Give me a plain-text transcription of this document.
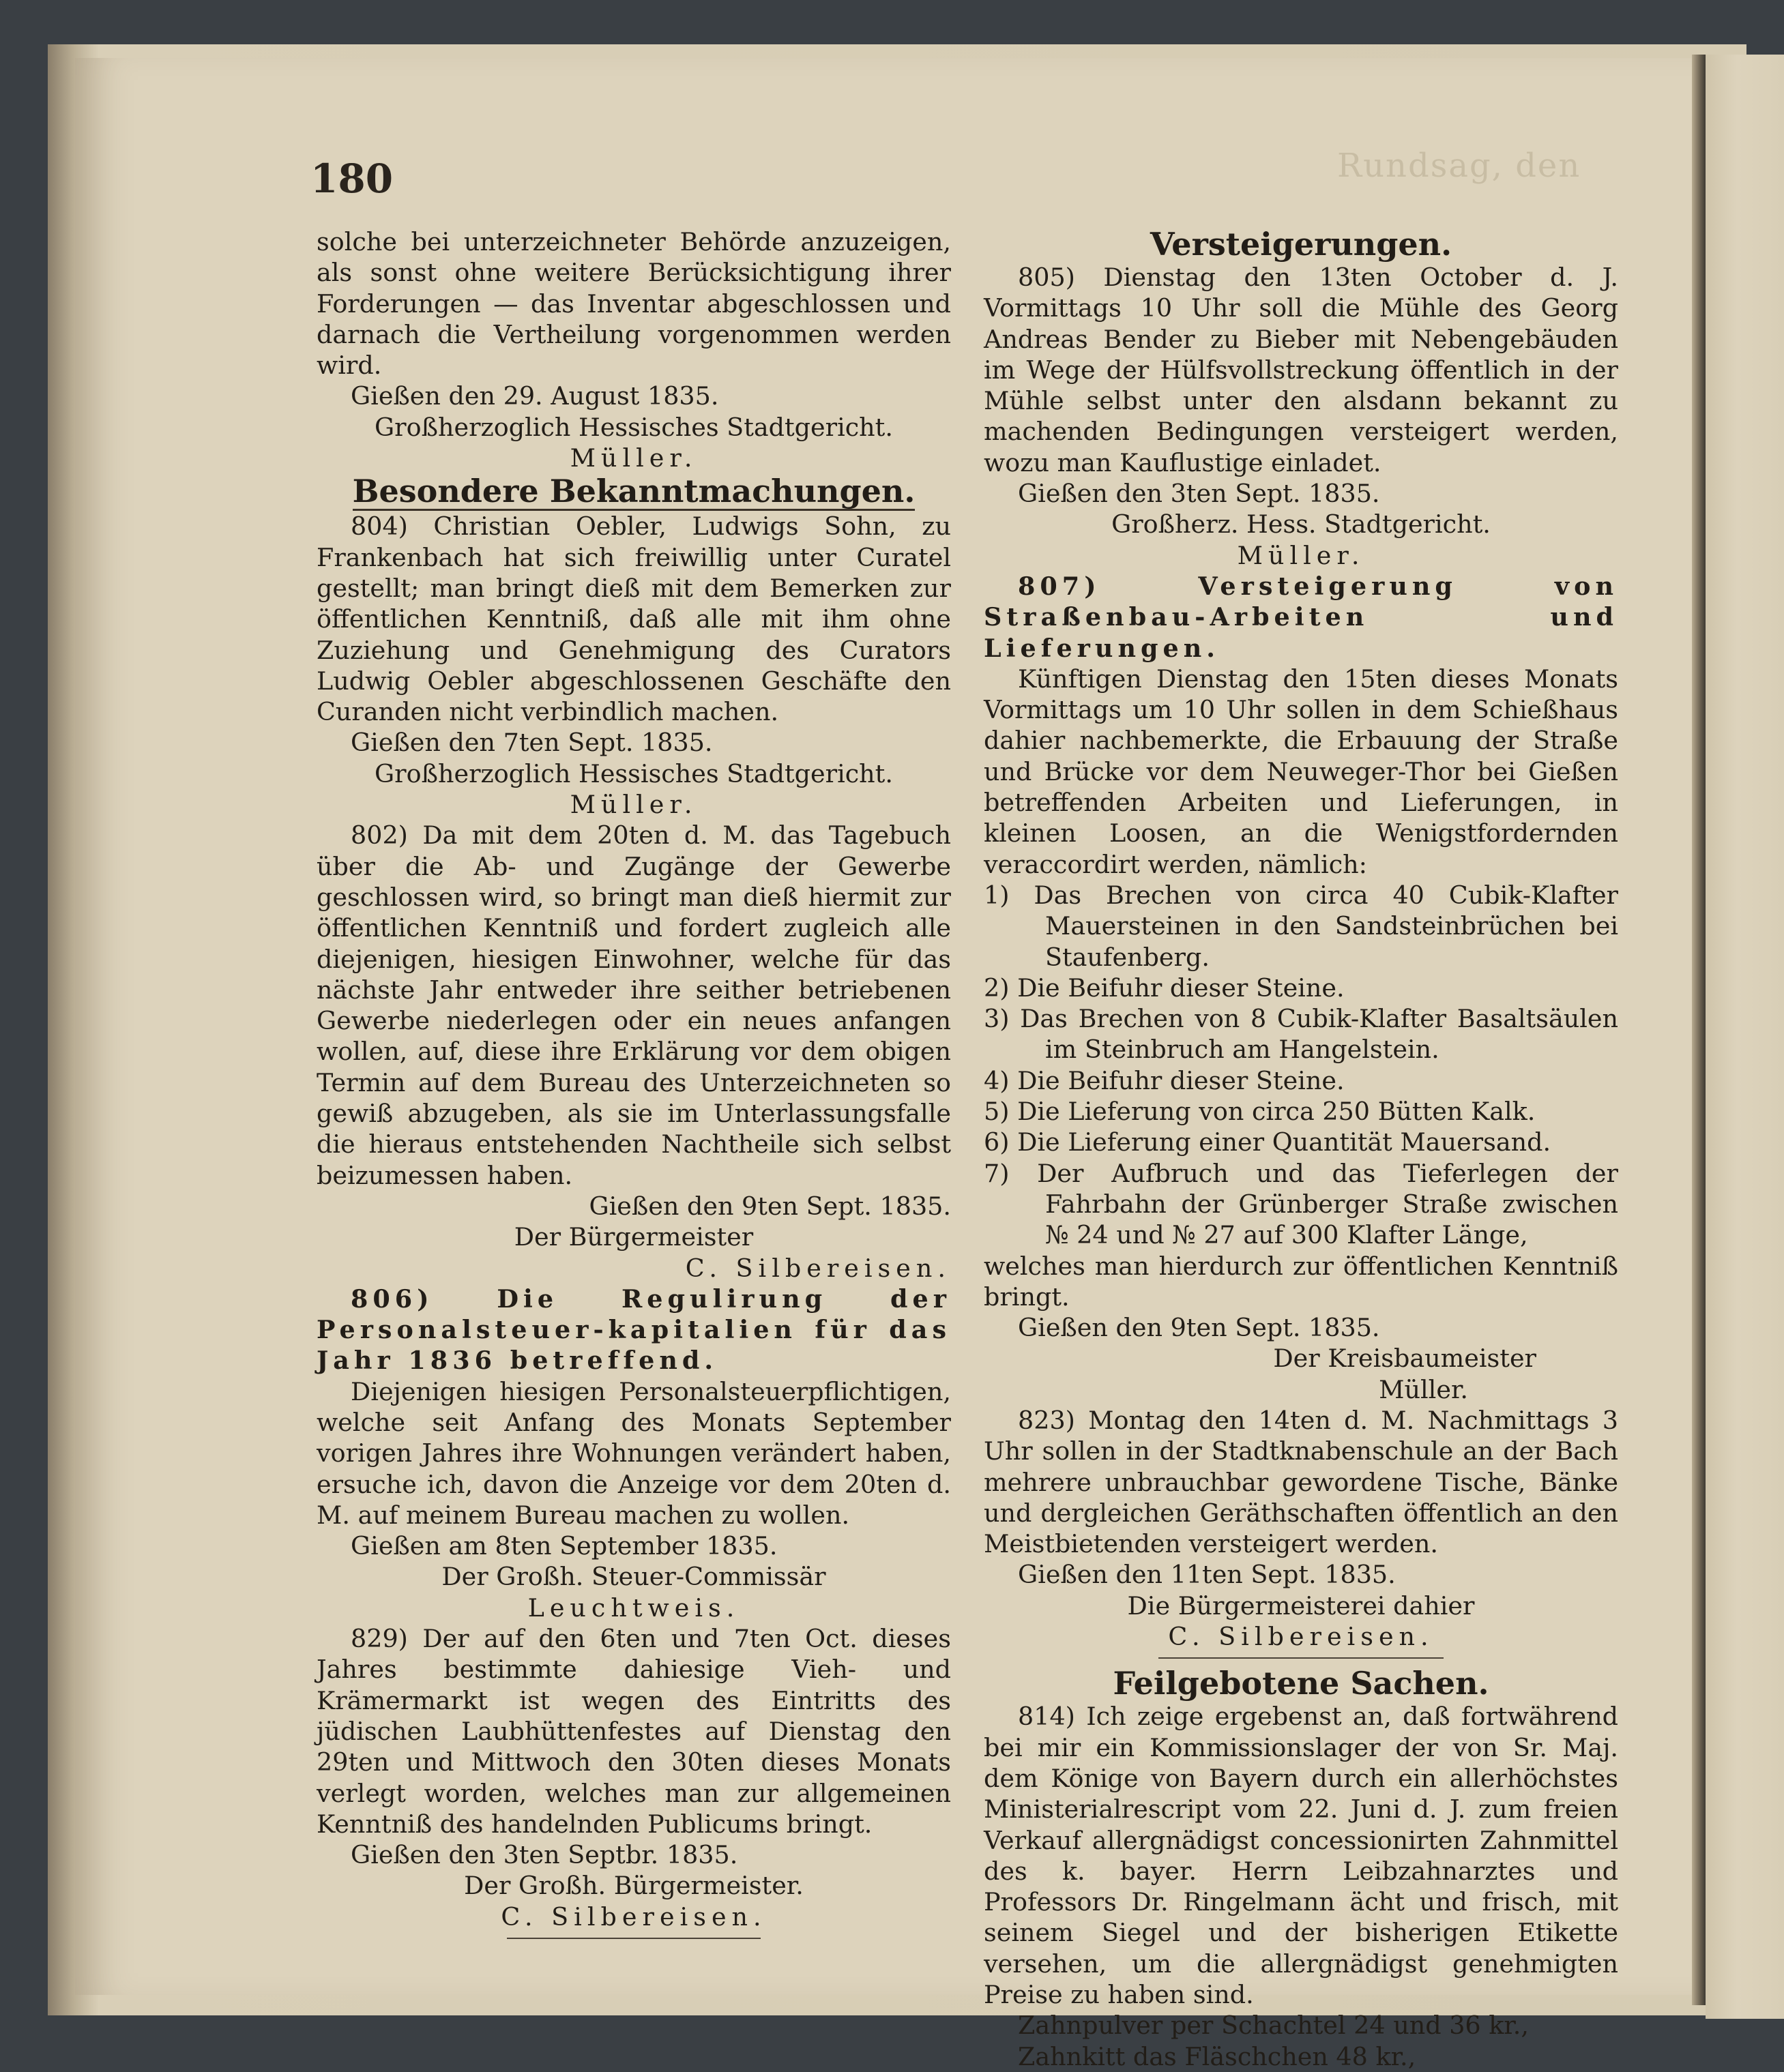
Rundsag, den
180

solche bei unterzeichneter Behörde anzuzeigen, als sonst ohne weitere Berücksichtigung ihrer Forderungen — das Inventar abgeschlossen und darnach die Vertheilung vorgenommen werden wird.

Gießen den 29. August 1835.

Großherzoglich Hessisches Stadtgericht.

Müller.

Besondere Bekanntmachungen.

804) Christian Oebler, Ludwigs Sohn, zu Frankenbach hat sich freiwillig unter Curatel gestellt; man bringt dieß mit dem Bemerken zur öffentlichen Kenntniß, daß alle mit ihm ohne Zuziehung und Genehmigung des Curators Ludwig Oebler abgeschlossenen Geschäfte den Curanden nicht verbindlich machen.

Gießen den 7ten Sept. 1835.

Großherzoglich Hessisches Stadtgericht.

Müller.

802) Da mit dem 20ten d. M. das Tagebuch über die Ab- und Zugänge der Gewerbe geschlossen wird, so bringt man dieß hiermit zur öffentlichen Kenntniß und fordert zugleich alle diejenigen, hiesigen Einwohner, welche für das nächste Jahr entweder ihre seither betriebenen Gewerbe niederlegen oder ein neues anfangen wollen, auf, diese ihre Erklärung vor dem obigen Termin auf dem Bureau des Unterzeichneten so gewiß abzugeben, als sie im Unterlassungsfalle die hieraus entstehenden Nachtheile sich selbst beizumessen haben.

Gießen den 9ten Sept. 1835.

Der Bürgermeister

C. Silbereisen.

806) Die Regulirung der Personalsteuer-kapitalien für das Jahr 1836 betreffend.

Diejenigen hiesigen Personalsteuerpflichtigen, welche seit Anfang des Monats September vorigen Jahres ihre Wohnungen verändert haben, ersuche ich, davon die Anzeige vor dem 20ten d. M. auf meinem Bureau machen zu wollen.

Gießen am 8ten September 1835.

Der Großh. Steuer-Commissär

Leuchtweis.

829) Der auf den 6ten und 7ten Oct. dieses Jahres bestimmte dahiesige Vieh- und Krämermarkt ist wegen des Eintritts des jüdischen Laubhüttenfestes auf Dienstag den 29ten und Mittwoch den 30ten dieses Monats verlegt worden, welches man zur allgemeinen Kenntniß des handelnden Publicums bringt.

Gießen den 3ten Septbr. 1835.

Der Großh. Bürgermeister.

C. Silbereisen.

Versteigerungen.

805) Dienstag den 13ten October d. J. Vormittags 10 Uhr soll die Mühle des Georg Andreas Bender zu Bieber mit Nebengebäuden im Wege der Hülfsvollstreckung öffentlich in der Mühle selbst unter den alsdann bekannt zu machenden Bedingungen versteigert werden, wozu man Kauflustige einladet.

Gießen den 3ten Sept. 1835.

Großherz. Hess. Stadtgericht.

Müller.

807) Versteigerung von Straßenbau-Arbeiten und Lieferungen.

Künftigen Dienstag den 15ten dieses Monats Vormittags um 10 Uhr sollen in dem Schießhaus dahier nachbemerkte, die Erbauung der Straße und Brücke vor dem Neuweger-Thor bei Gießen betreffenden Arbeiten und Lieferungen, in kleinen Loosen, an die Wenigstfordernden veraccordirt werden, nämlich:

1) Das Brechen von circa 40 Cubik-Klafter Mauersteinen in den Sandsteinbrüchen bei Staufenberg.

2) Die Beifuhr dieser Steine.

3) Das Brechen von 8 Cubik-Klafter Basaltsäulen im Steinbruch am Hangelstein.

4) Die Beifuhr dieser Steine.

5) Die Lieferung von circa 250 Bütten Kalk.

6) Die Lieferung einer Quantität Mauersand.

7) Der Aufbruch und das Tieferlegen der Fahrbahn der Grünberger Straße zwischen № 24 und № 27 auf 300 Klafter Länge,

welches man hierdurch zur öffentlichen Kenntniß bringt.

Gießen den 9ten Sept. 1835.

Der Kreisbaumeister

Müller.

823) Montag den 14ten d. M. Nachmittags 3 Uhr sollen in der Stadtknabenschule an der Bach mehrere unbrauchbar gewordene Tische, Bänke und dergleichen Geräthschaften öffentlich an den Meistbietenden versteigert werden.

Gießen den 11ten Sept. 1835.

Die Bürgermeisterei dahier

C. Silbereisen.

Feilgebotene Sachen.

814) Ich zeige ergebenst an, daß fortwährend bei mir ein Kommissionslager der von Sr. Maj. dem Könige von Bayern durch ein allerhöchstes Ministerialrescript vom 22. Juni d. J. zum freien Verkauf allergnädigst concessionirten Zahnmittel des k. bayer. Herrn Leibzahnarztes und Professors Dr. Ringelmann ächt und frisch, mit seinem Siegel und der bisherigen Etikette versehen, um die allergnädigst genehmigten Preise zu haben sind.

Zahnpulver per Schachtel 24 und 36 kr.,

Zahnkitt das Fläschchen 48 kr.,
